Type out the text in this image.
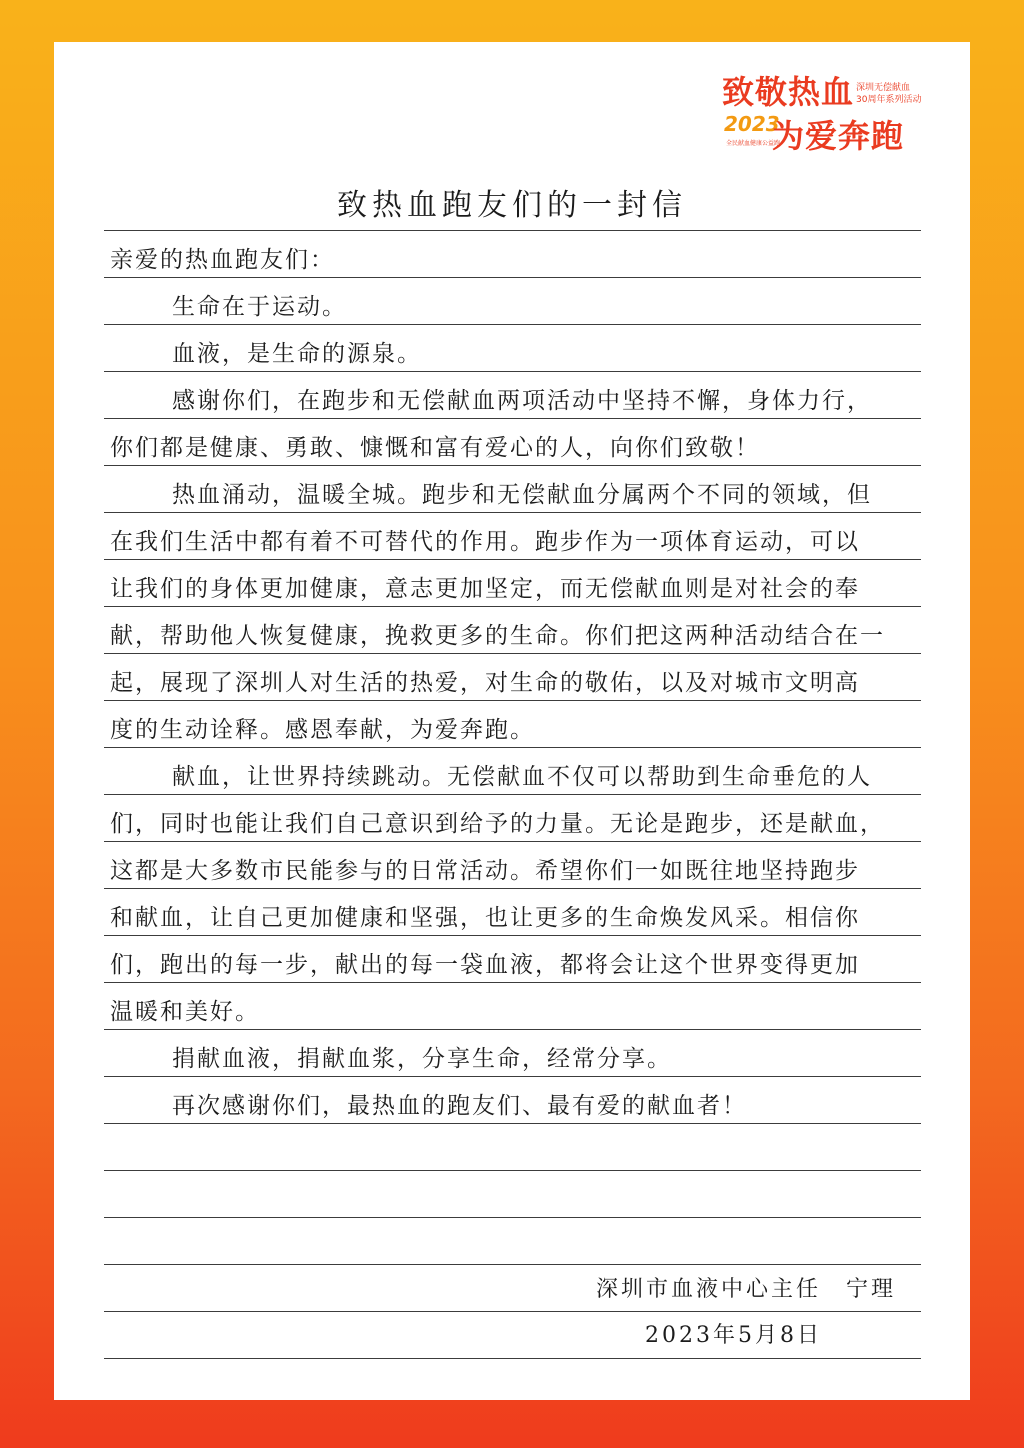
致敬热血
2023
为爱奔跑
深圳无偿献血
30周年系列活动
全民献血健康公益跑
致热血跑友们的一封信
亲爱的热血跑友们：
生命在于运动。
血液，是生命的源泉。
感谢你们，在跑步和无偿献血两项活动中坚持不懈，身体力行，
你们都是健康、勇敢、慷慨和富有爱心的人，向你们致敬！
热血涌动，温暖全城。跑步和无偿献血分属两个不同的领域，但
在我们生活中都有着不可替代的作用。跑步作为一项体育运动，可以
让我们的身体更加健康，意志更加坚定，而无偿献血则是对社会的奉
献，帮助他人恢复健康，挽救更多的生命。你们把这两种活动结合在一
起，展现了深圳人对生活的热爱，对生命的敬佑，以及对城市文明高
度的生动诠释。感恩奉献，为爱奔跑。
献血，让世界持续跳动。无偿献血不仅可以帮助到生命垂危的人
们，同时也能让我们自己意识到给予的力量。无论是跑步，还是献血，
这都是大多数市民能参与的日常活动。希望你们一如既往地坚持跑步
和献血，让自己更加健康和坚强，也让更多的生命焕发风采。相信你
们，跑出的每一步，献出的每一袋血液，都将会让这个世界变得更加
温暖和美好。
捐献血液，捐献血浆，分享生命，经常分享。
再次感谢你们，最热血的跑友们、最有爱的献血者！
深圳市血液中心主任　宁理
2023年5月8日
